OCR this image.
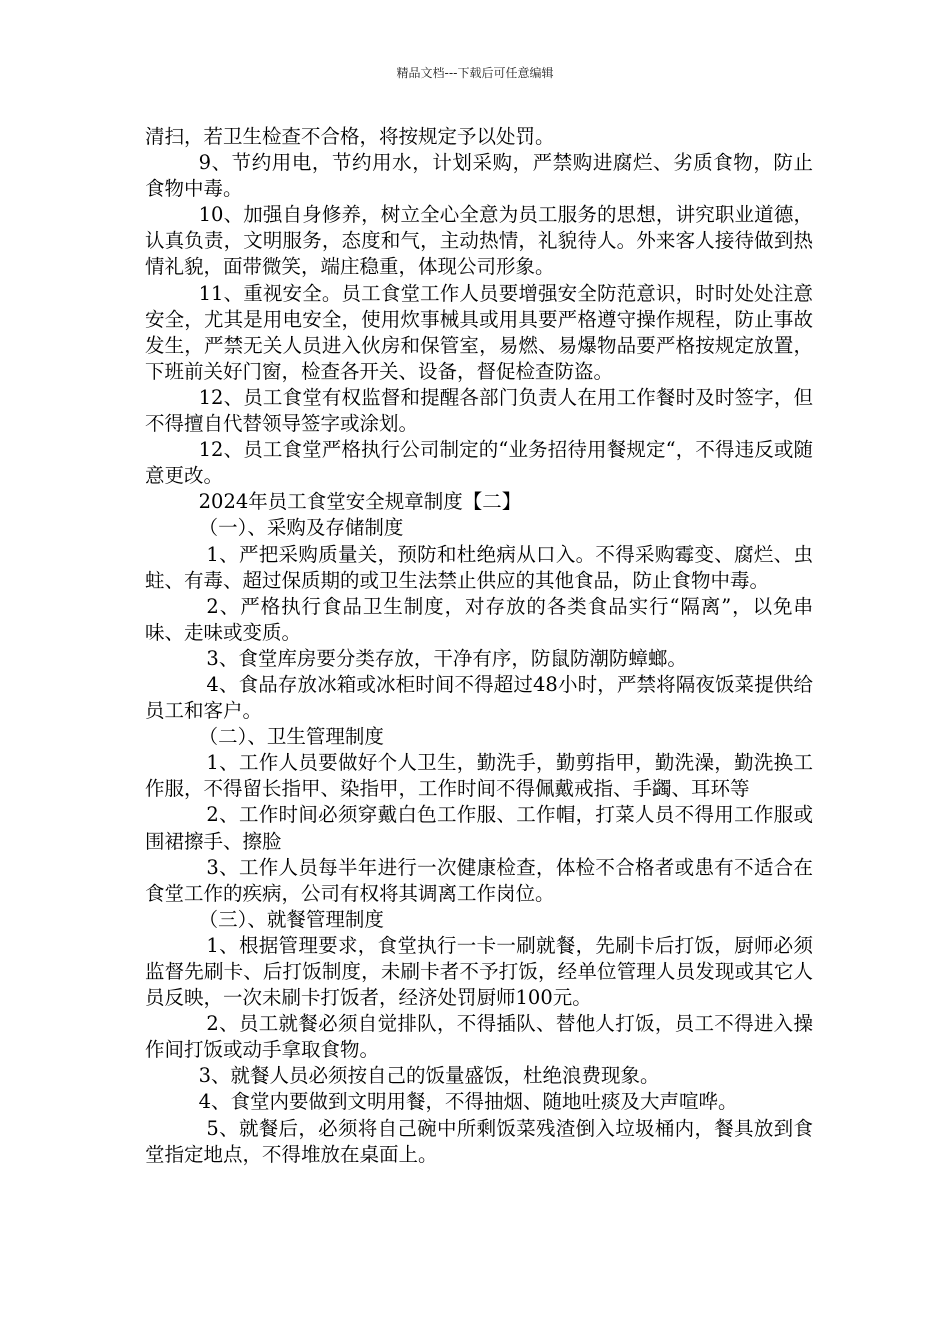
精品文档---下载后可任意编辑

清扫，若卫生检查不合格，将按规定予以处罚。

9、节约用电，节约用水，计划采购，严禁购进腐烂、劣质食物，防止食物中毒。

10、加强自身修养，树立全心全意为员工服务的思想，讲究职业道德，认真负责，文明服务，态度和气，主动热情，礼貌待人。外来客人接待做到热情礼貌，面带微笑，端庄稳重，体现公司形象。

11、重视安全。员工食堂工作人员要增强安全防范意识，时时处处注意安全，尤其是用电安全，使用炊事械具或用具要严格遵守操作规程，防止事故发生，严禁无关人员进入伙房和保管室，易燃、易爆物品要严格按规定放置，下班前关好门窗，检查各开关、设备，督促检查防盗。

12、员工食堂有权监督和提醒各部门负责人在用工作餐时及时签字，但不得擅自代替领导签字或涂划。

12、员工食堂严格执行公司制定的“业务招待用餐规定“，不得违反或随意更改。

2024年员工食堂安全规章制度【二】

（一）、采购及存储制度

1、严把采购质量关，预防和杜绝病从口入。不得采购霉变、腐烂、虫蛀、有毒、超过保质期的或卫生法禁止供应的其他食品，防止食物中毒。

2、严格执行食品卫生制度，对存放的各类食品实行“隔离”，以免串味、走味或变质。

3、食堂库房要分类存放，干净有序，防鼠防潮防蟑螂。

4、食品存放冰箱或冰柜时间不得超过48小时，严禁将隔夜饭菜提供给员工和客户。

（二）、卫生管理制度

1、工作人员要做好个人卫生，勤洗手，勤剪指甲，勤洗澡，勤洗换工作服，不得留长指甲、染指甲，工作时间不得佩戴戒指、手蠲、耳环等

2、工作时间必须穿戴白色工作服、工作帽，打菜人员不得用工作服或围裙擦手、擦脸

3、工作人员每半年进行一次健康检查，体检不合格者或患有不适合在食堂工作的疾病，公司有权将其调离工作岗位。

（三）、就餐管理制度

1、根据管理要求，食堂执行一卡一刷就餐，先刷卡后打饭，厨师必须监督先刷卡、后打饭制度，未刷卡者不予打饭，经单位管理人员发现或其它人员反映，一次未刷卡打饭者，经济处罚厨师100元。

2、员工就餐必须自觉排队，不得插队、替他人打饭，员工不得进入操作间打饭或动手拿取食物。

3、就餐人员必须按自己的饭量盛饭，杜绝浪费现象。

4、食堂内要做到文明用餐，不得抽烟、随地吐痰及大声喧哗。

5、就餐后，必须将自己碗中所剩饭菜残渣倒入垃圾桶内，餐具放到食堂指定地点，不得堆放在桌面上。
